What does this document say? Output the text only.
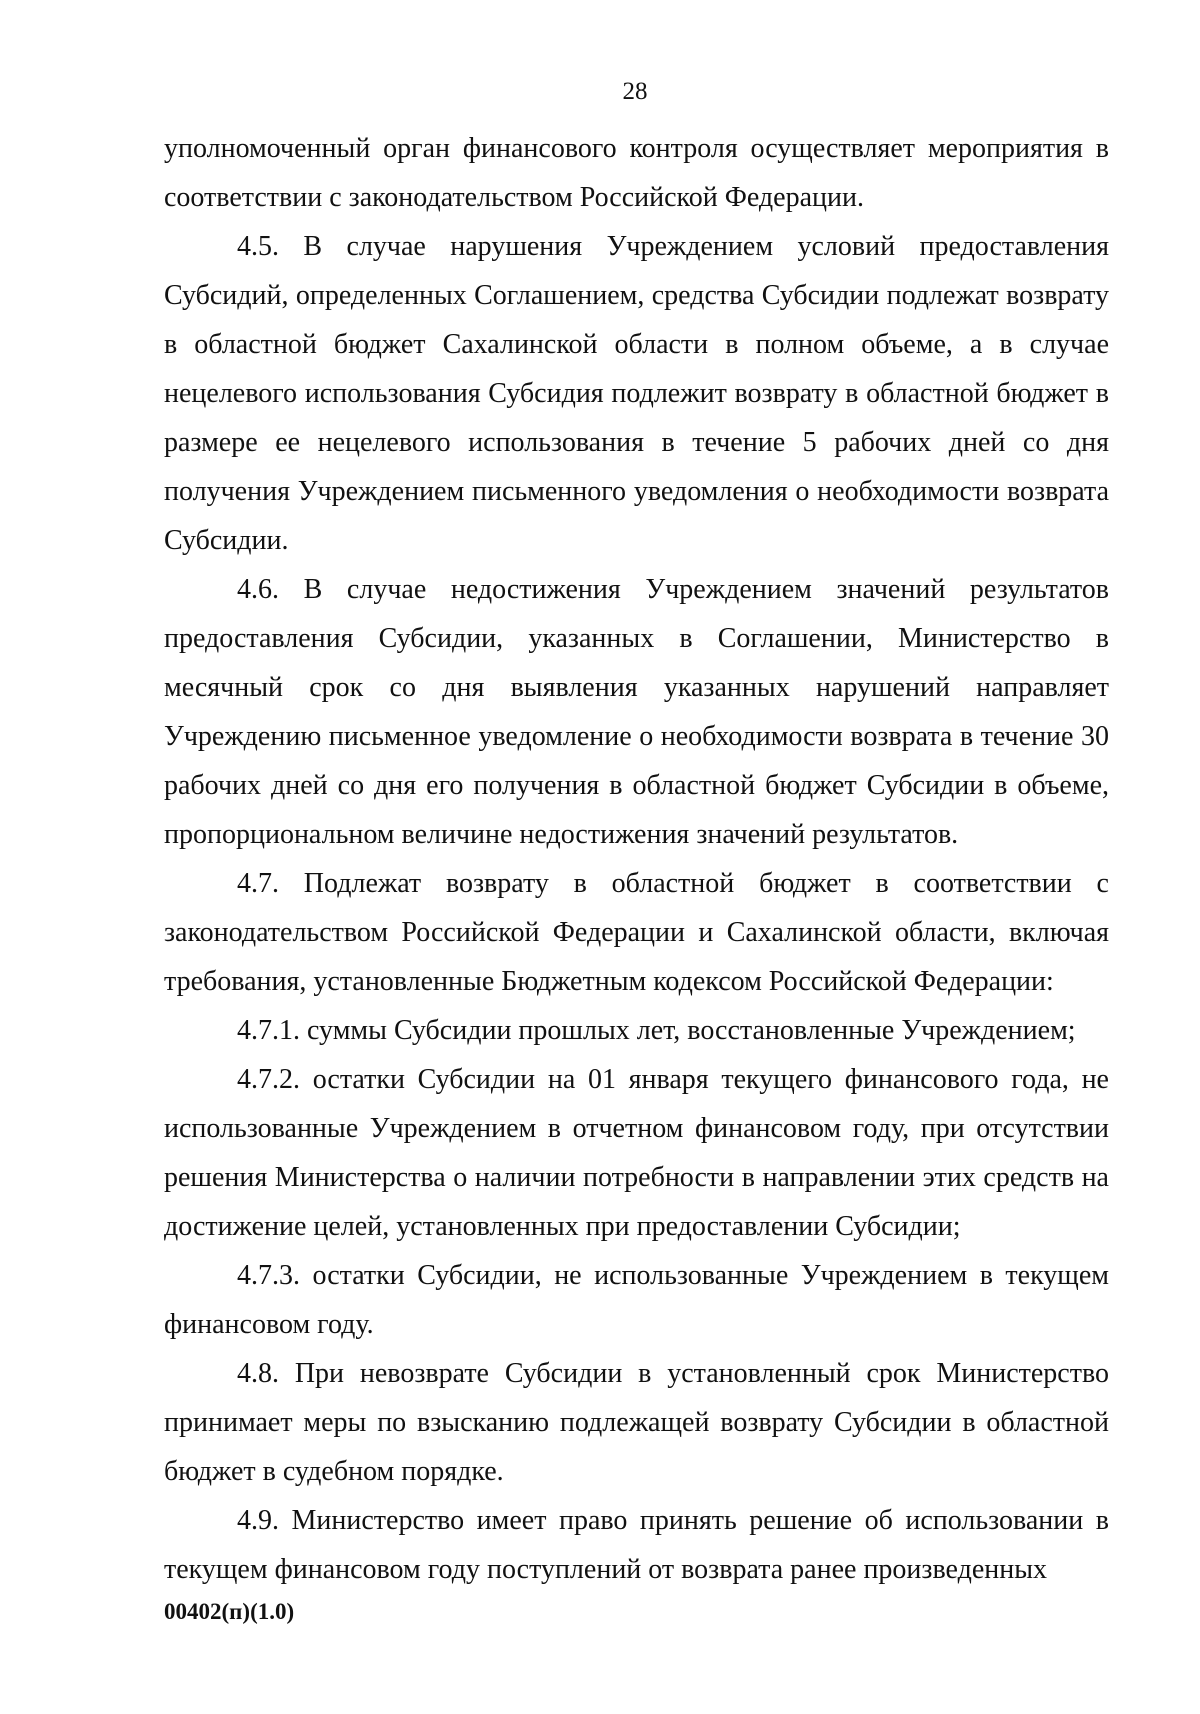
28

уполномоченный орган финансового контроля осуществляет мероприятия в соответствии с законодательством Российской Федерации.

4.5. В случае нарушения Учреждением условий предоставления Субсидий, определенных Соглашением, средства Субсидии подлежат возврату в областной бюджет Сахалинской области в полном объеме, а в случае нецелевого использования Субсидия подлежит возврату в областной бюджет в размере ее нецелевого использования в течение 5 рабочих дней со дня получения Учреждением письменного уведомления о необходимости возврата Субсидии.

4.6. В случае недостижения Учреждением значений результатов предоставления Субсидии, указанных в Соглашении, Министерство в месячный срок со дня выявления указанных нарушений направляет Учреждению письменное уведомление о необходимости возврата в течение 30 рабочих дней со дня его получения в областной бюджет Субсидии в объеме, пропорциональном величине недостижения значений результатов.

4.7. Подлежат возврату в областной бюджет в соответствии с законодательством Российской Федерации и Сахалинской области, включая требования, установленные Бюджетным кодексом Российской Федерации:

4.7.1. суммы Субсидии прошлых лет, восстановленные Учреждением;

4.7.2. остатки Субсидии на 01 января текущего финансового года, не использованные Учреждением в отчетном финансовом году, при отсутствии решения Министерства о наличии потребности в направлении этих средств на достижение целей, установленных при предоставлении Субсидии;

4.7.3. остатки Субсидии, не использованные Учреждением в текущем финансовом году.

4.8. При невозврате Субсидии в установленный срок Министерство принимает меры по взысканию подлежащей возврату Субсидии в областной бюджет в судебном порядке.

4.9. Министерство имеет право принять решение об использовании в текущем финансовом году поступлений от возврата ранее произведенных

00402(п)(1.0)
